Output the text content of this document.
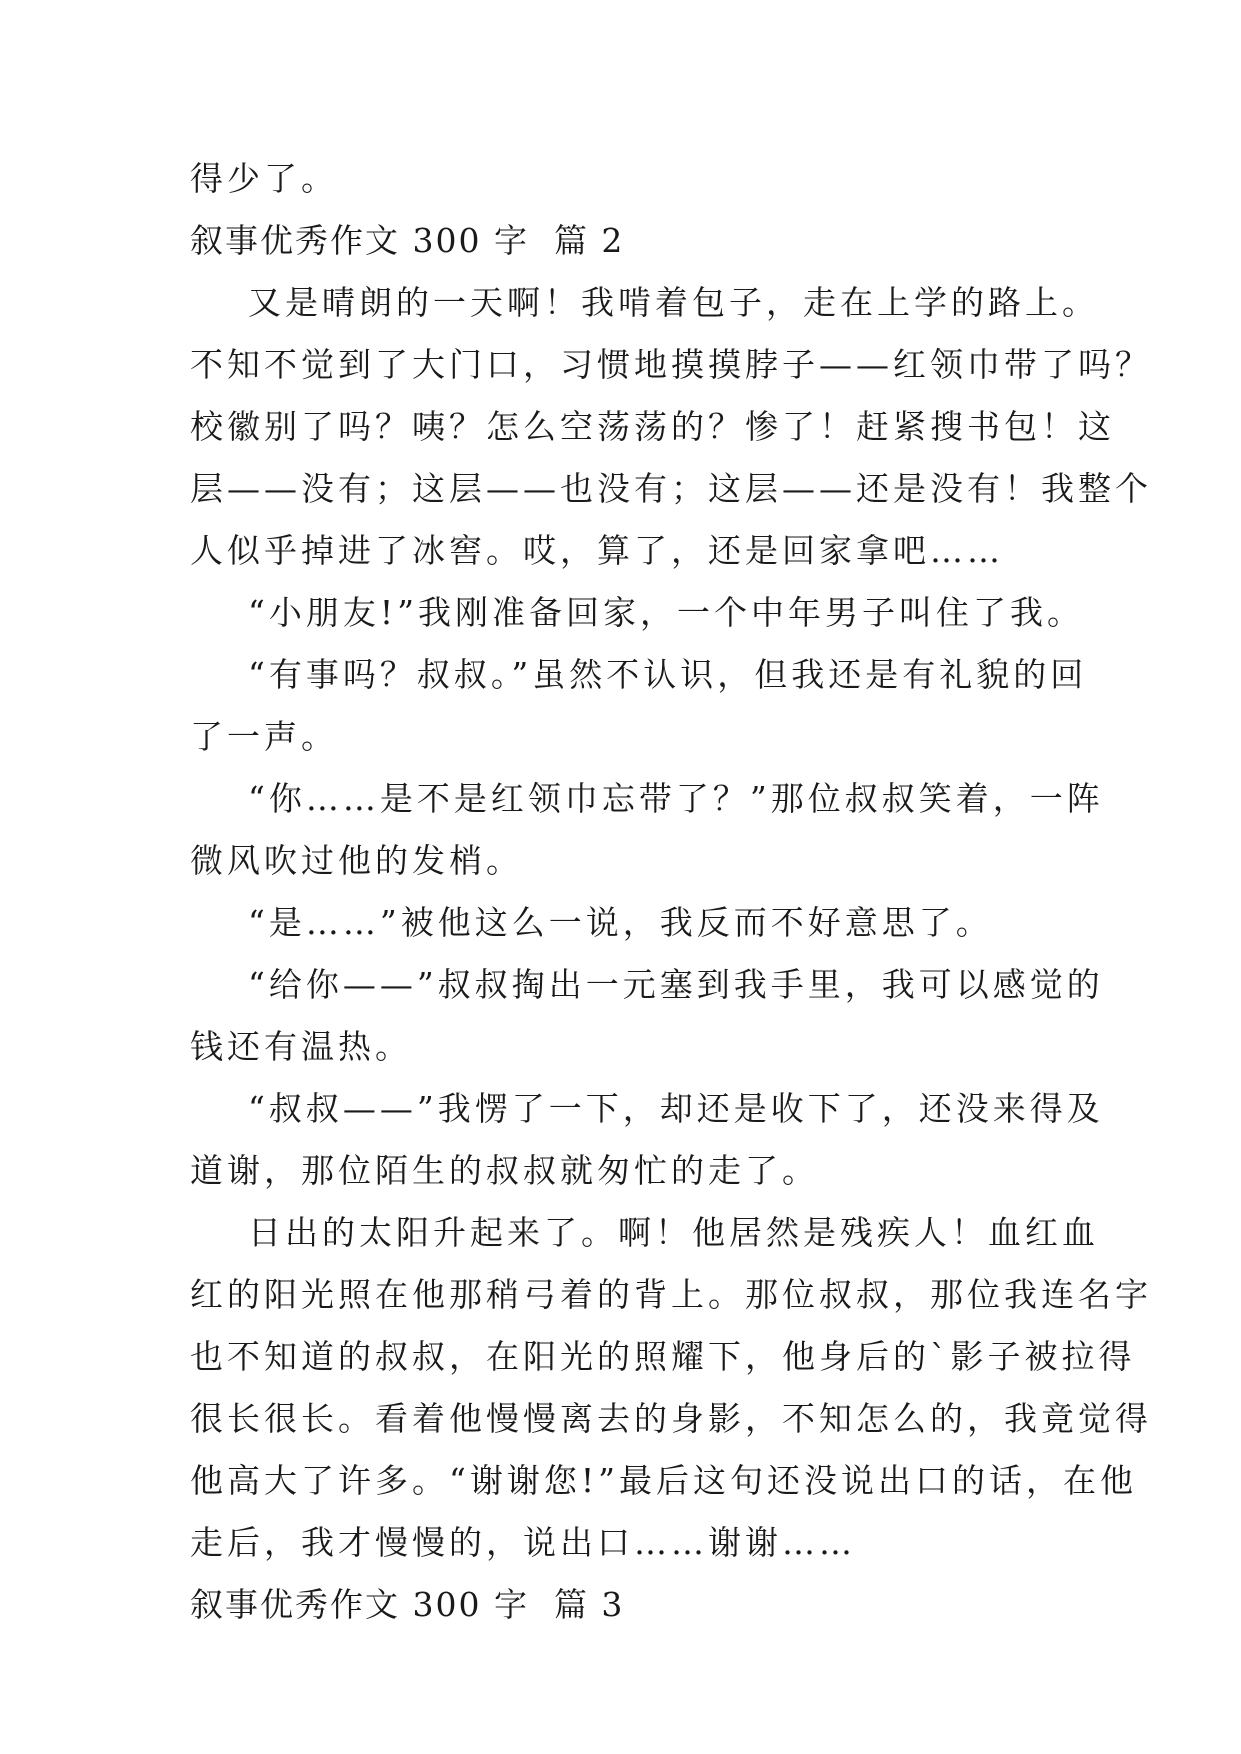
得少了。
叙事优秀作文 300 字  篇 2
又是晴朗的一天啊！我啃着包子，走在上学的路上。
不知不觉到了大门口，习惯地摸摸脖子——红领巾带了吗？
校徽别了吗？咦？怎么空荡荡的？惨了！赶紧搜书包！这
层——没有；这层——也没有；这层——还是没有！我整个
人似乎掉进了冰窖。哎，算了，还是回家拿吧……
“小朋友!”我刚准备回家，一个中年男子叫住了我。
“有事吗？叔叔。”虽然不认识，但我还是有礼貌的回
了一声。
“你……是不是红领巾忘带了？”那位叔叔笑着，一阵
微风吹过他的发梢。
“是……”被他这么一说，我反而不好意思了。
“给你——”叔叔掏出一元塞到我手里，我可以感觉的
钱还有温热。
“叔叔——”我愣了一下，却还是收下了，还没来得及
道谢，那位陌生的叔叔就匆忙的走了。
日出的太阳升起来了。啊！他居然是残疾人！血红血
红的阳光照在他那稍弓着的背上。那位叔叔，那位我连名字
也不知道的叔叔，在阳光的照耀下，他身后的`影子被拉得
很长很长。看着他慢慢离去的身影，不知怎么的，我竟觉得
他高大了许多。“谢谢您!”最后这句还没说出口的话，在他
走后，我才慢慢的，说出口……谢谢……
叙事优秀作文 300 字  篇 3
